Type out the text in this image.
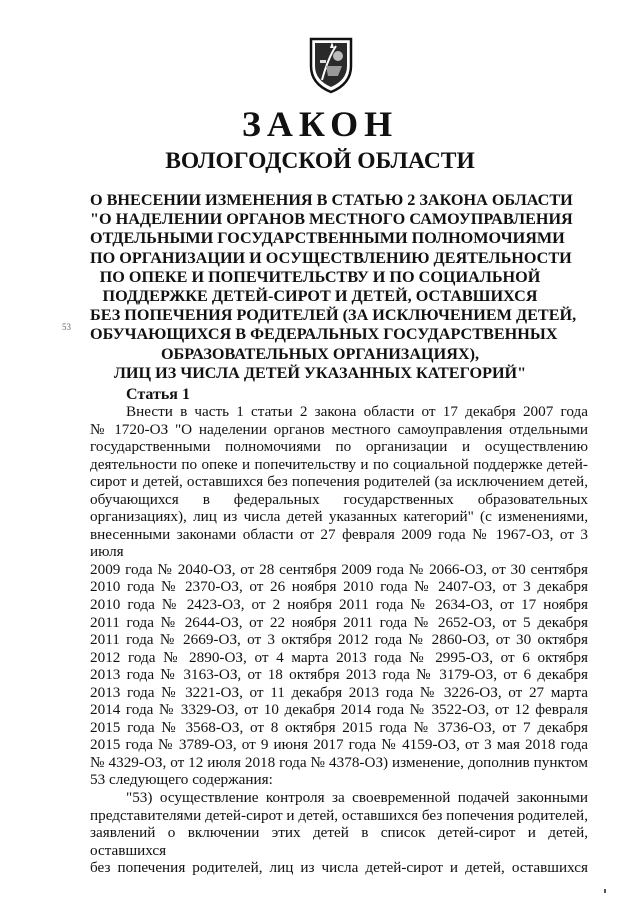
ЗАКОН
ВОЛОГОДСКОЙ ОБЛАСТИ
О ВНЕСЕНИИ ИЗМЕНЕНИЯ В СТАТЬЮ 2 ЗАКОНА ОБЛАСТИ
"О НАДЕЛЕНИИ ОРГАНОВ МЕСТНОГО САМОУПРАВЛЕНИЯ
ОТДЕЛЬНЫМИ ГОСУДАРСТВЕННЫМИ ПОЛНОМОЧИЯМИ
ПО ОРГАНИЗАЦИИ И ОСУЩЕСТВЛЕНИЮ ДЕЯТЕЛЬНОСТИ
ПО ОПЕКЕ И ПОПЕЧИТЕЛЬСТВУ И ПО СОЦИАЛЬНОЙ
ПОДДЕРЖКЕ ДЕТЕЙ-СИРОТ И ДЕТЕЙ, ОСТАВШИХСЯ
БЕЗ ПОПЕЧЕНИЯ РОДИТЕЛЕЙ (ЗА ИСКЛЮЧЕНИЕМ ДЕТЕЙ,
ОБУЧАЮЩИХСЯ В ФЕДЕРАЛЬНЫХ ГОСУДАРСТВЕННЫХ
ОБРАЗОВАТЕЛЬНЫХ ОРГАНИЗАЦИЯХ),
ЛИЦ ИЗ ЧИСЛА ДЕТЕЙ УКАЗАННЫХ КАТЕГОРИЙ"
53
Статья 1
Внести в часть 1 статьи 2 закона области от 17 декабря 2007 года
№ 1720-ОЗ "О наделении органов местного самоуправления отдельными
государственными полномочиями по организации и осуществлению
деятельности по опеке и попечительству и по социальной поддержке детей-
сирот и детей, оставшихся без попечения родителей (за исключением детей,
обучающихся в федеральных государственных образовательных
организациях), лиц из числа детей указанных категорий" (с изменениями,
внесенными законами области от 27 февраля 2009 года № 1967-ОЗ, от 3 июля
2009 года № 2040-ОЗ, от 28 сентября 2009 года № 2066-ОЗ, от 30 сентября
2010 года № 2370-ОЗ, от 26 ноября 2010 года № 2407-ОЗ, от 3 декабря
2010 года № 2423-ОЗ, от 2 ноября 2011 года № 2634-ОЗ, от 17 ноября
2011 года № 2644-ОЗ, от 22 ноября 2011 года № 2652-ОЗ, от 5 декабря
2011 года № 2669-ОЗ, от 3 октября 2012 года № 2860-ОЗ, от 30 октября
2012 года № 2890-ОЗ, от 4 марта 2013 года № 2995-ОЗ, от 6 октября
2013 года № 3163-ОЗ, от 18 октября 2013 года № 3179-ОЗ, от 6 декабря
2013 года № 3221-ОЗ, от 11 декабря 2013 года № 3226-ОЗ, от 27 марта
2014 года № 3329-ОЗ, от 10 декабря 2014 года № 3522-ОЗ, от 12 февраля
2015 года № 3568-ОЗ, от 8 октября 2015 года № 3736-ОЗ, от 7 декабря
2015 года № 3789-ОЗ, от 9 июня 2017 года № 4159-ОЗ, от 3 мая 2018 года
№ 4329-ОЗ, от 12 июля 2018 года № 4378-ОЗ) изменение, дополнив пунктом
53 следующего содержания:
"53) осуществление контроля за своевременной подачей законными
представителями детей-сирот и детей, оставшихся без попечения родителей,
заявлений о включении этих детей в список детей-сирот и детей, оставшихся
без попечения родителей, лиц из числа детей-сирот и детей, оставшихся
